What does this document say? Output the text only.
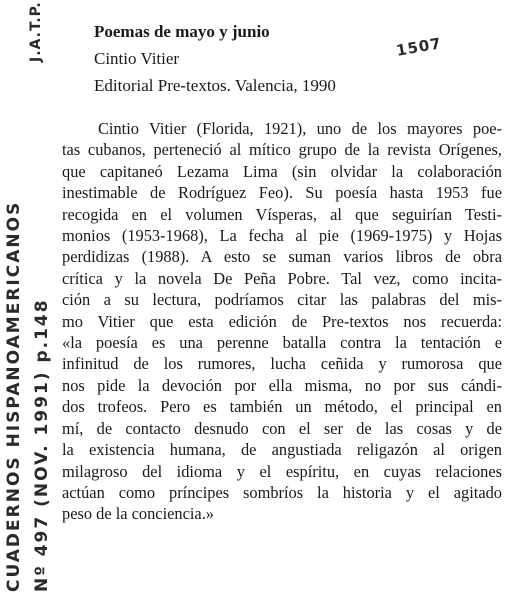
1507
J.A.T.P.
CUADERNOS HISPANOAMERICANOS Nº 497 (NOV. 1991) p.148
Poemas de mayo y junio
Cintio Vitier
Editorial Pre-textos. Valencia, 1990
Cintio Vitier (Florida, 1921), uno de los mayores poe-
tas cubanos, perteneció al mítico grupo de la revista Orígenes,
que capitaneó Lezama Lima (sin olvidar la colaboración
inestimable de Rodríguez Feo). Su poesía hasta 1953 fue
recogida en el volumen Vísperas, al que seguirían Testi-
monios (1953-1968), La fecha al pie (1969-1975) y Hojas
perdidizas (1988). A esto se suman varios libros de obra
crítica y la novela De Peña Pobre. Tal vez, como incita-
ción a su lectura, podríamos citar las palabras del mis-
mo Vitier que esta edición de Pre-textos nos recuerda:
«la poesía es una perenne batalla contra la tentación e
infinitud de los rumores, lucha ceñida y rumorosa que
nos pide la devoción por ella misma, no por sus cándi-
dos trofeos. Pero es también un método, el principal en
mí, de contacto desnudo con el ser de las cosas y de
la existencia humana, de angustiada religazón al origen
milagroso del idioma y el espíritu, en cuyas relaciones
actúan como príncipes sombríos la historia y el agitado
peso de la conciencia.»
